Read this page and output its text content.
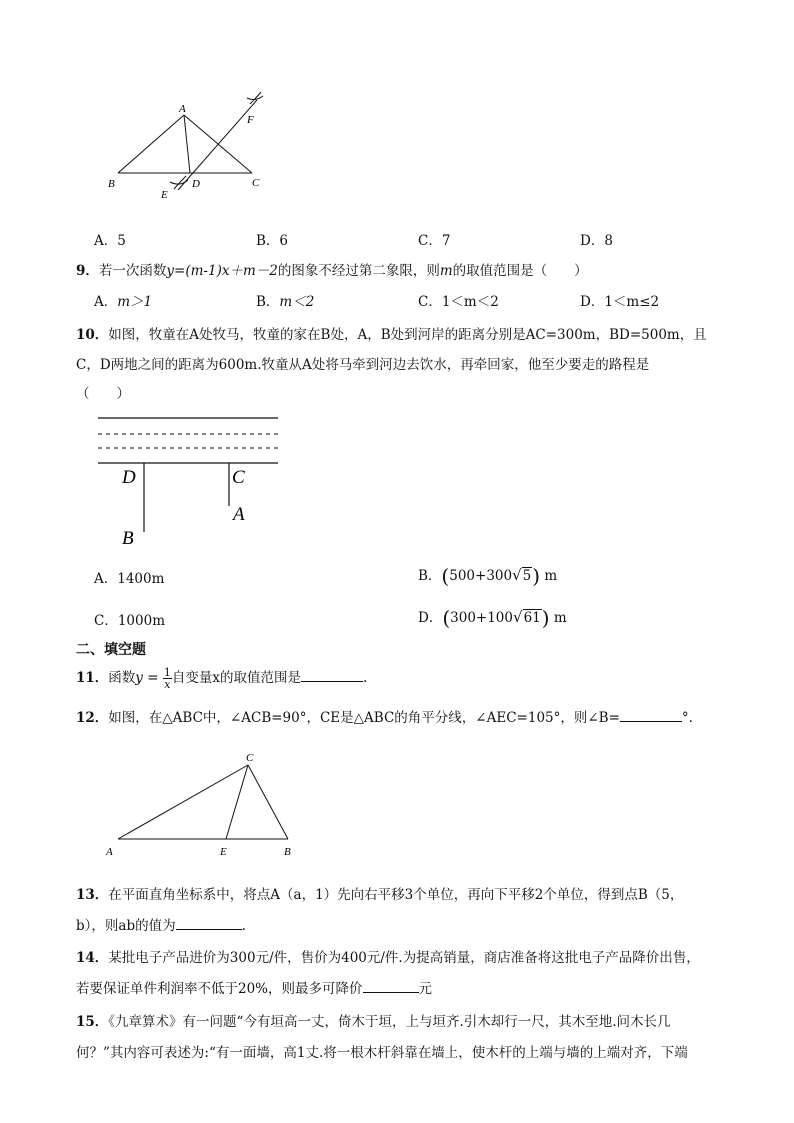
A
B	C
D
E
F
A．5	B．6	C．7	D．8
9．若一次函数y=(m-1)x＋m－2的图象不经过第二象限，则m的取值范围是（　　）
A．m＞1	B．m＜2	C．1＜m＜2	D．1＜m≤2
10．如图，牧童在A处牧马，牧童的家在B处，A，B处到河岸的距离分别是AC=300m，BD=500m，且
C，D两地之间的距离为600m.牧童从A处将马牵到河边去饮水，再牵回家，他至少要走的路程是
（　　）
D	C
A
B
A．1400m	B．(500+300√5) m
C．1000m	D．(300+100√61) m
二、填空题
11．函数$y = \frac{1}{x}$ 自变量x的取值范围是	.
12．如图，在△ABC中，∠ACB=90°，CE是△ABC的角平分线，∠AEC=105°，则∠B=	°.
A	E	B
C
13．在平面直角坐标系中，将点A（a，1）先向右平移3个单位，再向下平移2个单位，得到点B（5，
b），则ab的值为	.
14．某批电子产品进价为300元/件，售价为400元/件.为提高销量，商店准备将这批电子产品降价出售，
若要保证单件利润率不低于20%，则最多可降价	元
15．《九章算术》有一问题“今有垣高一丈，倚木于垣，上与垣齐.引木却行一尺，其木至地.问木长几
何？”其内容可表述为:“有一面墙，高1丈.将一根木杆斜靠在墙上，使木杆的上端与墙的上端对齐，下端
